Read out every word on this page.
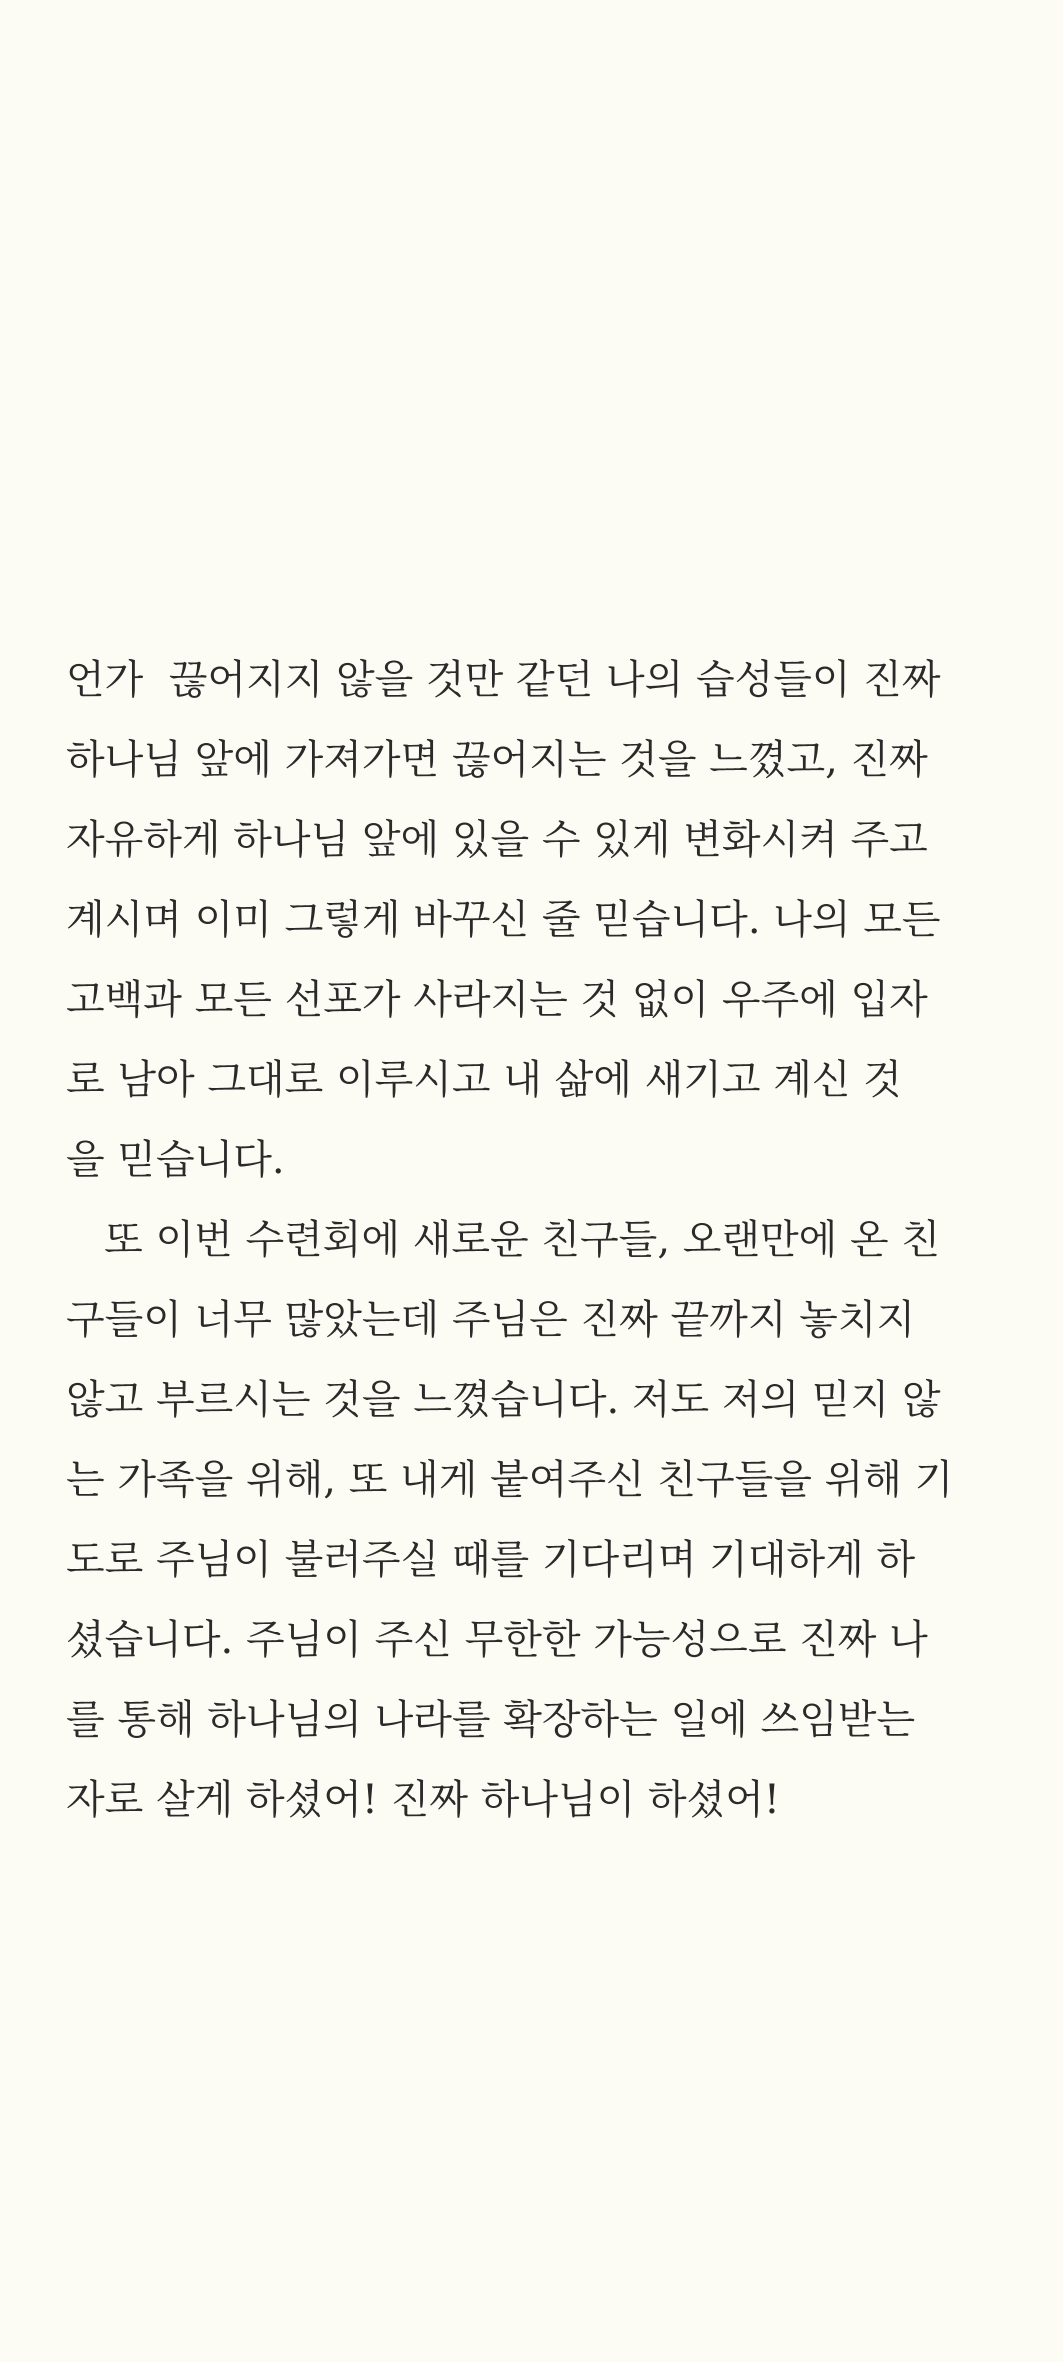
언가  끊어지지 않을 것만 같던 나의 습성들이 진짜
하나님 앞에 가져가면 끊어지는 것을 느꼈고, 진짜
자유하게 하나님 앞에 있을 수 있게 변화시켜 주고
계시며 이미 그렇게 바꾸신 줄 믿습니다. 나의 모든
고백과 모든 선포가 사라지는 것 없이 우주에 입자
로 남아 그대로 이루시고 내 삶에 새기고 계신 것
을 믿습니다.
또 이번 수련회에 새로운 친구들, 오랜만에 온 친
구들이 너무 많았는데 주님은 진짜 끝까지 놓치지
않고 부르시는 것을 느꼈습니다. 저도 저의 믿지 않
는 가족을 위해, 또 내게 붙여주신 친구들을 위해 기
도로 주님이 불러주실 때를 기다리며 기대하게 하
셨습니다. 주님이 주신 무한한 가능성으로 진짜 나
를 통해 하나님의 나라를 확장하는 일에 쓰임받는
자로 살게 하셨어! 진짜 하나님이 하셨어!
